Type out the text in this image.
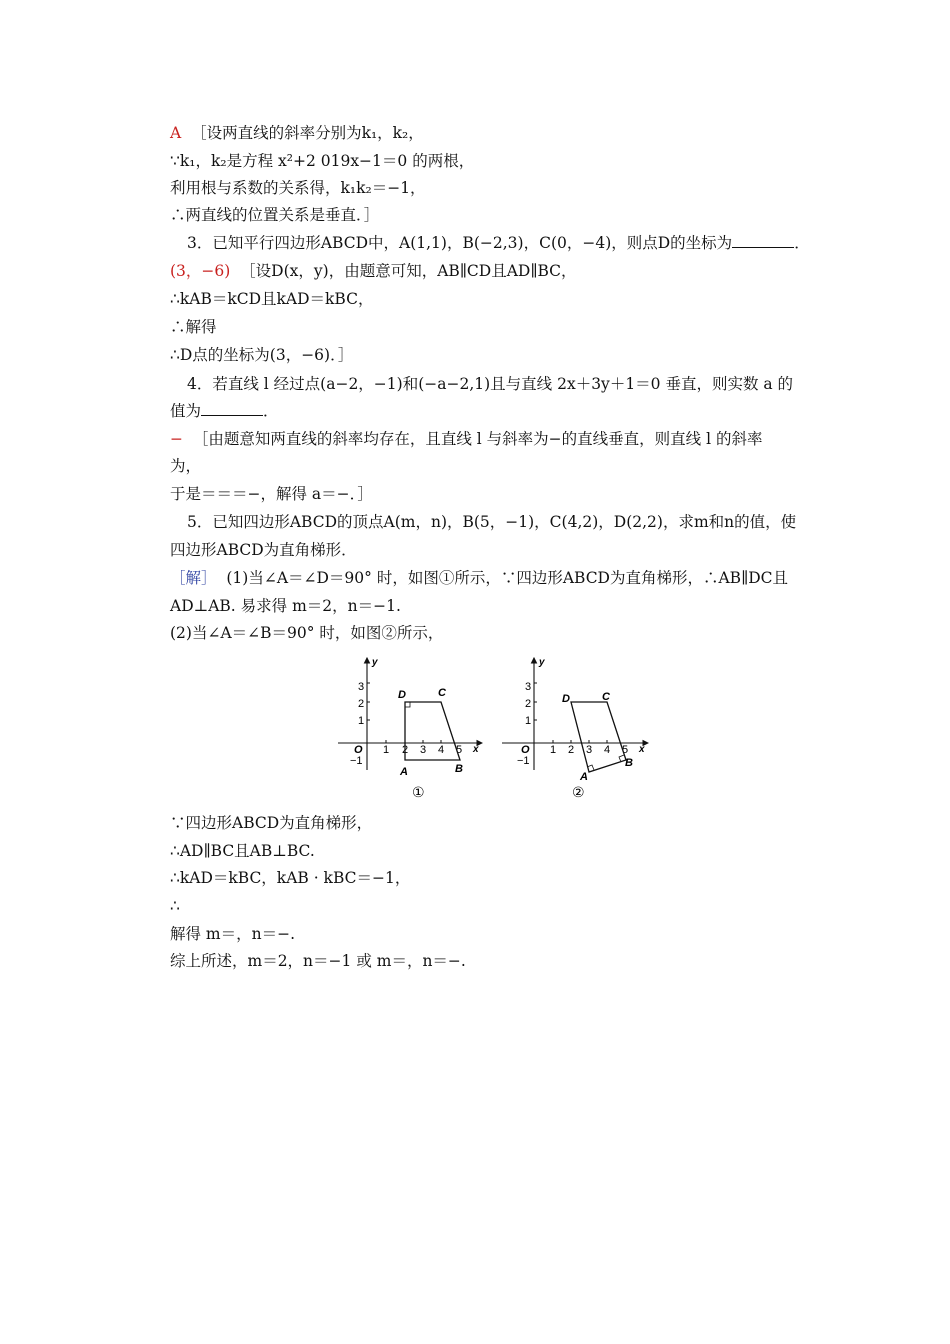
A ［设两直线的斜率分别为k₁，k₂，
∵k₁，k₂是方程 x²+2 019x−1＝0 的两根，
利用根与系数的关系得，k₁k₂＝−1，
∴两直线的位置关系是垂直．］
3．已知平行四边形ABCD中，A(1,1)，B(−2,3)，C(0，−4)，则点D的坐标为	．
(3，−6) ［设D(x，y)，由题意可知，AB∥CD且AD∥BC，
∴kAB＝kCD且kAD＝kBC，
∴解得
∴D点的坐标为(3，−6)．］
4．若直线 l 经过点(a−2，−1)和(−a−2,1)且与直线 2x＋3y＋1＝0 垂直，则实数 a 的
值为	．
− ［由题意知两直线的斜率均存在，且直线 l 与斜率为−的直线垂直，则直线 l 的斜率
为，
于是＝＝＝−，解得 a＝−．］
5．已知四边形ABCD的顶点A(m，n)，B(5，−1)，C(4,2)，D(2,2)，求m和n的值，使
四边形ABCD为直角梯形．
［解］ (1)当∠A＝∠D＝90° 时，如图①所示，∵四边形ABCD为直角梯形，∴AB∥DC且
AD⊥AB. 易求得 m＝2，n＝−1.
(2)当∠A＝∠B＝90° 时，如图②所示，
x
y
O 1 2 3 4 5
3
2
1
−1
D	C
A	B
①
x
y
O 1 2 3 4 5
3
2
1
−1
D	C
A
B
②
∵四边形ABCD为直角梯形，
∴AD∥BC且AB⊥BC.
∴kAD＝kBC，kAB · kBC＝−1，
∴
解得 m＝，n＝−.
综上所述，m＝2，n＝−1 或 m＝，n＝−.
